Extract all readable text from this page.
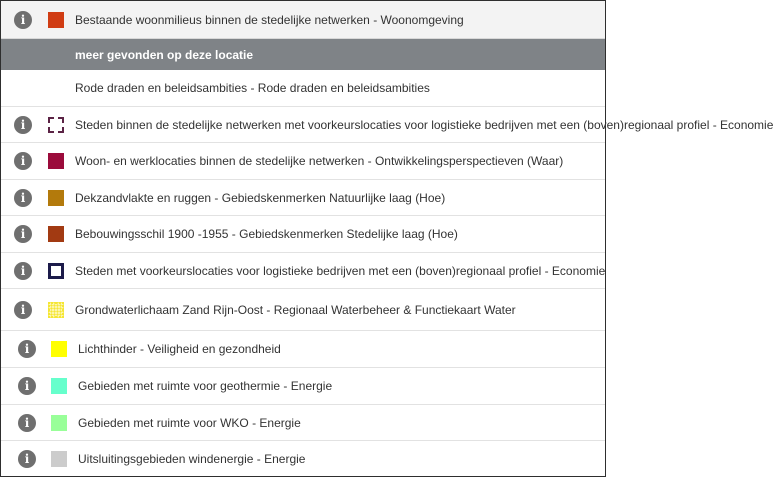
i	Bestaande woonmilieus binnen de stedelijke netwerken - Woonomgeving
meer gevonden op deze locatie
Rode draden en beleidsambities - Rode draden en beleidsambities
i	Steden binnen de stedelijke netwerken met voorkeurslocaties voor logistieke bedrijven met een (boven)regionaal profiel - Economie
i	Woon- en werklocaties binnen de stedelijke netwerken - Ontwikkelingsperspectieven (Waar)
i	Dekzandvlakte en ruggen - Gebiedskenmerken Natuurlijke laag (Hoe)
i	Bebouwingsschil 1900 -1955 - Gebiedskenmerken Stedelijke laag (Hoe)
i	Steden met voorkeurslocaties voor logistieke bedrijven met een (boven)regionaal profiel - Economie
i	Grondwaterlichaam Zand Rijn-Oost - Regionaal Waterbeheer & Functiekaart Water
i	Lichthinder - Veiligheid en gezondheid
i	Gebieden met ruimte voor geothermie - Energie
i	Gebieden met ruimte voor WKO - Energie
i	Uitsluitingsgebieden windenergie - Energie
